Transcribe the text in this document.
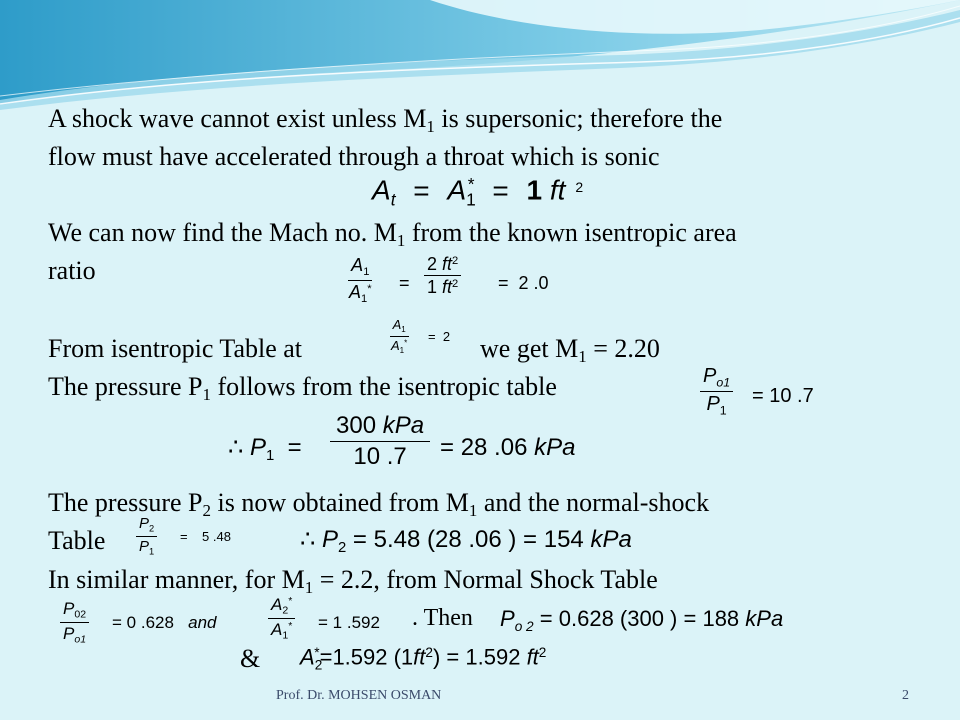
A shock wave cannot exist unless $M_1$ is supersonic; therefore the
flow must have accelerated through a throat which is sonic
$A_t = A_1^* = 1$ ft $^2$
We can now find the Mach no. $M_1$ from the known isentropic area
ratio	$\frac{A_1}{A_1^*} = \frac{2 ft^2}{1 ft^2} = 2$ .0
From isentropic Table at	$\frac{A_1}{A_1^*} = 2$ we get $M_1 = 2.20$
The pressure $P_1$ follows from the isentropic table	$\frac{P_{o1}}{P_1} = 10$ .7
∴ $P_1$ =
300 kPa
10 .7 = 28 .06 kPa
The pressure $P_2$ is now obtained from $M_1$ and the normal-shock
Table $\frac{P_2}{P_1} = 5$ .48	∴ $P_2 = 5.48$ (28 .06 ) = 154 kPa
In similar manner, for $M_1 = 2.2$, from Normal Shock Table
$\frac{P_{02}}{P_{o1}} = 0$ .628 and	$\frac{A_2^*}{A_1^*} = 1$ .592 . Then $P_{o 2} = 0.628$ (300 ) = 188 kPa
& $A_2^*=1.592$ $(1ft^2) = 1.592$ $ft^2$
Prof. Dr. MOHSEN OSMAN	2
